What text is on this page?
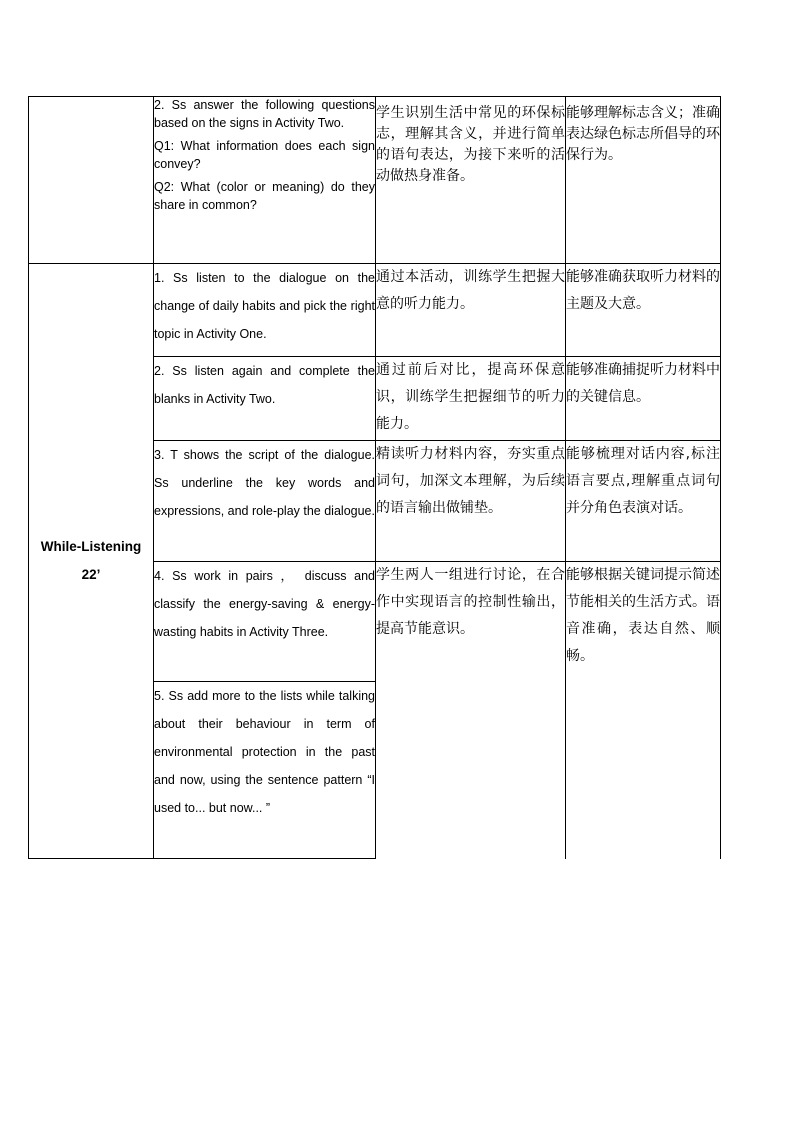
	2. Ss answer the following questions based on the signs in Activity Two.

Q1: What information does each sign convey?

Q2: What (color or meaning) do they share in common?	学生识别生活中常见的环保标志，理解其含义，并进行简单的语句表达，为接下来听的活动做热身准备。	能够理解标志含义；准确表达绿色标志所倡导的环保行为。

While-Listening
22’	1. Ss listen to the dialogue on the change of daily habits and pick the right topic in Activity One.	通过本活动，训练学生把握大意的听力能力。	能够准确获取听力材料的主题及大意。

	2. Ss listen again and complete the blanks in Activity Two.	通过前后对比，提高环保意识，训练学生把握细节的听力能力。	能够准确捕捉听力材料中的关键信息。

	3. T shows the script of the dialogue. Ss underline the key words and expressions, and role-play the dialogue.	精读听力材料内容，夯实重点词句，加深文本理解，为后续的语言输出做铺垫。	能够梳理对话内容,标注语言要点,理解重点词句并分角色表演对话。

	4. Ss work in pairs ， discuss and classify the energy-saving & energy-wasting habits in Activity Three.	学生两人一组进行讨论，在合作中实现语言的控制性输出，提高节能意识。	能够根据关键词提示简述节能相关的生活方式。语音准确，表达自然、顺畅。

	5. Ss add more to the lists while talking about their behaviour in term of environmental protection in the past and now, using the sentence pattern “I used to... but now... ”		
